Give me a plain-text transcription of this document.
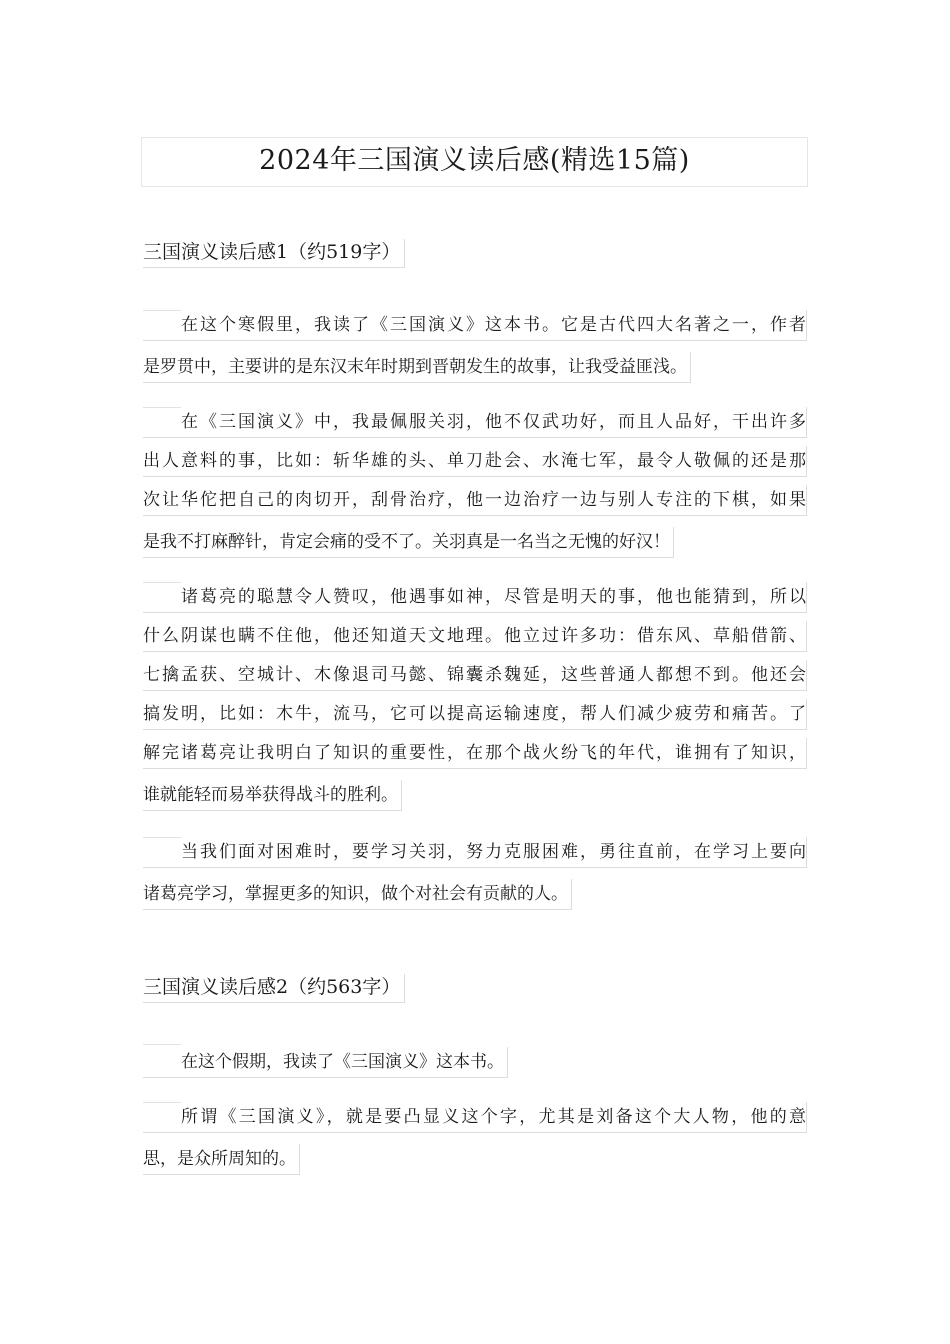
2024年三国演义读后感(精选15篇)
三国演义读后感1（约519字）
在这个寒假里，我读了《三国演义》这本书。它是古代四大名著之一，作者
是罗贯中，主要讲的是东汉末年时期到晋朝发生的故事，让我受益匪浅。
在《三国演义》中，我最佩服关羽，他不仅武功好，而且人品好，干出许多
出人意料的事，比如：斩华雄的头、单刀赴会、水淹七军，最令人敬佩的还是那
次让华佗把自己的肉切开，刮骨治疗，他一边治疗一边与别人专注的下棋，如果
是我不打麻醉针，肯定会痛的受不了。关羽真是一名当之无愧的好汉！
诸葛亮的聪慧令人赞叹，他遇事如神，尽管是明天的事，他也能猜到，所以
什么阴谋也瞒不住他，他还知道天文地理。他立过许多功：借东风、草船借箭、
七擒孟获、空城计、木像退司马懿、锦囊杀魏延，这些普通人都想不到。他还会
搞发明，比如：木牛，流马，它可以提高运输速度，帮人们减少疲劳和痛苦。了
解完诸葛亮让我明白了知识的重要性，在那个战火纷飞的年代，谁拥有了知识，
谁就能轻而易举获得战斗的胜利。
当我们面对困难时，要学习关羽，努力克服困难，勇往直前，在学习上要向
诸葛亮学习，掌握更多的知识，做个对社会有贡献的人。
三国演义读后感2（约563字）
在这个假期，我读了《三国演义》这本书。
所谓《三国演义》，就是要凸显义这个字，尤其是刘备这个大人物，他的意
思，是众所周知的。
